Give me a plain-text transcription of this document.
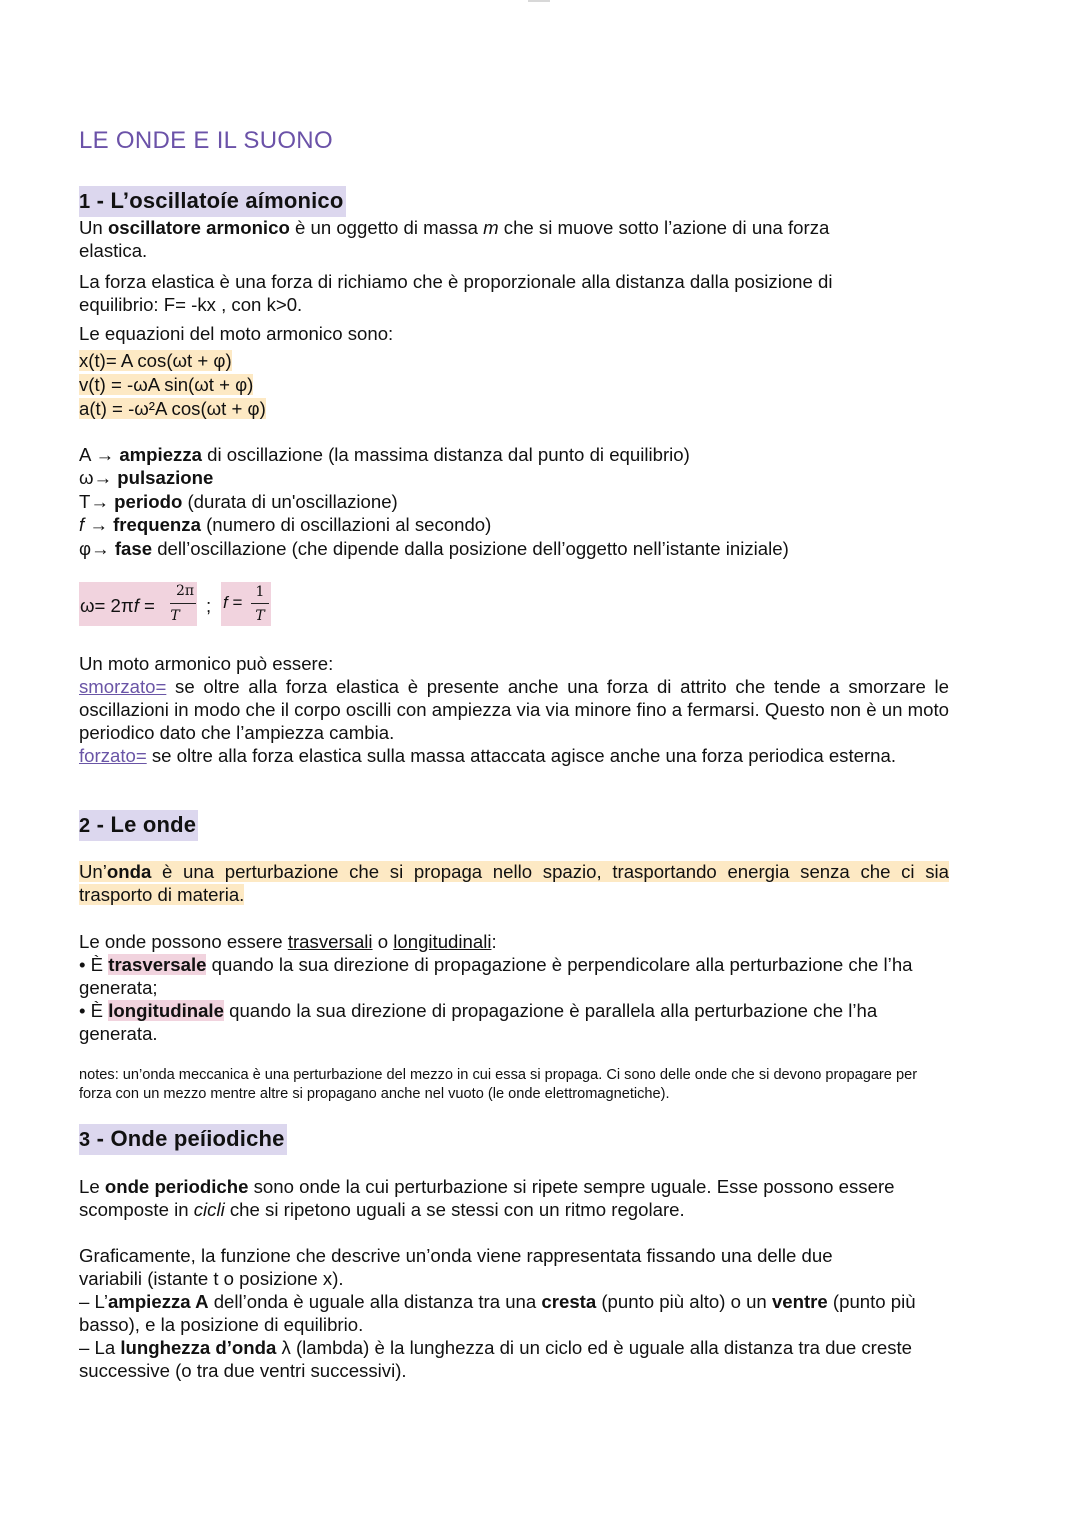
LE ONDE E IL SUONO
1 - L’oscillatoíe aímonico
Un oscillatore armonico è un oggetto di massa m che si muove sotto l’azione di una forza elastica.
La forza elastica è una forza di richiamo che è proporzionale alla distanza dalla posizione di equilibrio: F= -kx , con k>0.
Le equazioni del moto armonico sono:
x(t)= A cos(ωt + φ)
v(t) = -ωA sin(ωt + φ)
a(t) = -ω²A cos(ωt + φ)
A → ampiezza di oscillazione (la massima distanza dal punto di equilibrio)
ω→ pulsazione
T→ periodo (durata di un'oscillazione)
f → frequenza (numero di oscillazioni al secondo)
φ→ fase dell’oscillazione (che dipende dalla posizione dell’oggetto nell’istante iniziale)
ω= 2πf =
2π
T ; f =
1
T
Un moto armonico può essere:
smorzato= se oltre alla forza elastica è presente anche una forza di attrito che tende a smorzare le oscillazioni in modo che il corpo oscilli con ampiezza via via minore fino a fermarsi. Questo non è un moto periodico dato che l’ampiezza cambia.
forzato= se oltre alla forza elastica sulla massa attaccata agisce anche una forza periodica esterna.
2 - Le onde
Un’onda è una perturbazione che si propaga nello spazio, trasportando energia senza che ci sia trasporto di materia.
Le onde possono essere trasversali o longitudinali:
• È trasversale quando la sua direzione di propagazione è perpendicolare alla perturbazione che l’ha generata;
• È longitudinale quando la sua direzione di propagazione è parallela alla perturbazione che l’ha generata.
notes: un’onda meccanica è una perturbazione del mezzo in cui essa si propaga. Ci sono delle onde che si devono propagare per forza con un mezzo mentre altre si propagano anche nel vuoto (le onde elettromagnetiche).
3 - Onde peíiodiche
Le onde periodiche sono onde la cui perturbazione si ripete sempre uguale. Esse possono essere scomposte in cicli che si ripetono uguali a se stessi con un ritmo regolare.
Graficamente, la funzione che descrive un’onda viene rappresentata fissando una delle due variabili (istante t o posizione x).
– L’ampiezza A dell’onda è uguale alla distanza tra una cresta (punto più alto) o un ventre (punto più basso), e la posizione di equilibrio.
– La lunghezza d’onda λ (lambda) è la lunghezza di un ciclo ed è uguale alla distanza tra due creste successive (o tra due ventri successivi).
